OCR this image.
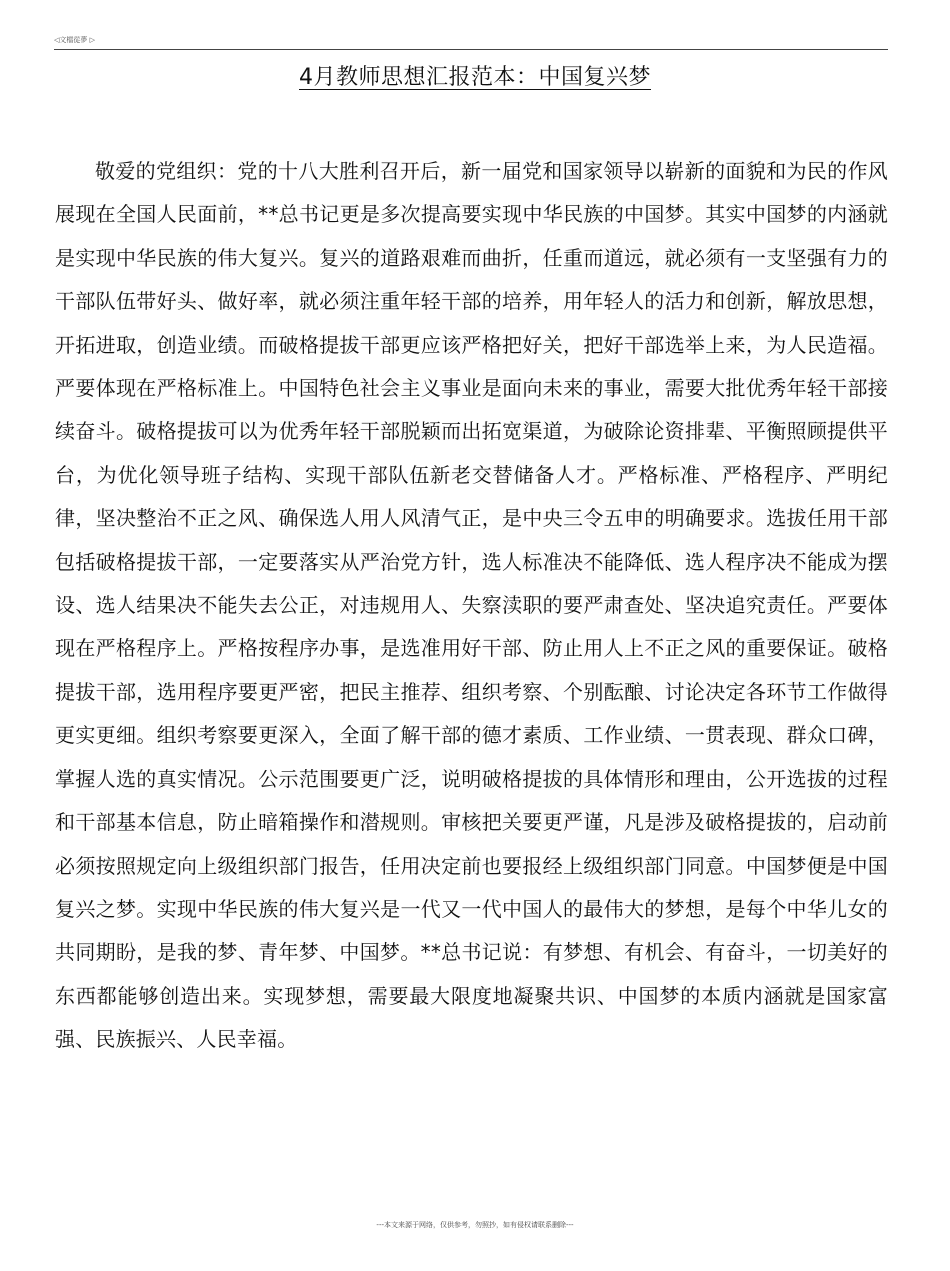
◁文檔從夢 ▷
4月教师思想汇报范本：中国复兴梦

敬爱的党组织：党的十八大胜利召开后，新一届党和国家领导以崭新的面貌和为民的作风展现在全国人民面前，**总书记更是多次提高要实现中华民族的中国梦。其实中国梦的内涵就是实现中华民族的伟大复兴。复兴的道路艰难而曲折，任重而道远，就必须有一支坚强有力的干部队伍带好头、做好率，就必须注重年轻干部的培养，用年轻人的活力和创新，解放思想，开拓进取，创造业绩。而破格提拔干部更应该严格把好关，把好干部选举上来，为人民造福。严要体现在严格标准上。中国特色社会主义事业是面向未来的事业，需要大批优秀年轻干部接续奋斗。破格提拔可以为优秀年轻干部脱颖而出拓宽渠道，为破除论资排辈、平衡照顾提供平台，为优化领导班子结构、实现干部队伍新老交替储备人才。严格标准、严格程序、严明纪律，坚决整治不正之风、确保选人用人风清气正，是中央三令五申的明确要求。选拔任用干部包括破格提拔干部，一定要落实从严治党方针，选人标准决不能降低、选人程序决不能成为摆设、选人结果决不能失去公正，对违规用人、失察渎职的要严肃查处、坚决追究责任。严要体现在严格程序上。严格按程序办事，是选准用好干部、防止用人上不正之风的重要保证。破格提拔干部，选用程序要更严密，把民主推荐、组织考察、个别酝酿、讨论决定各环节工作做得更实更细。组织考察要更深入，全面了解干部的德才素质、工作业绩、一贯表现、群众口碑，掌握人选的真实情况。公示范围要更广泛，说明破格提拔的具体情形和理由，公开选拔的过程和干部基本信息，防止暗箱操作和潜规则。审核把关要更严谨，凡是涉及破格提拔的，启动前必须按照规定向上级组织部门报告，任用决定前也要报经上级组织部门同意。中国梦便是中国复兴之梦。实现中华民族的伟大复兴是一代又一代中国人的最伟大的梦想，是每个中华儿女的共同期盼，是我的梦、青年梦、中国梦。**总书记说：有梦想、有机会、有奋斗，一切美好的东西都能够创造出来。实现梦想，需要最大限度地凝聚共识、中国梦的本质内涵就是国家富强、民族振兴、人民幸福。

---本文来源于网络，仅供参考，勿照抄，如有侵权请联系删除---
